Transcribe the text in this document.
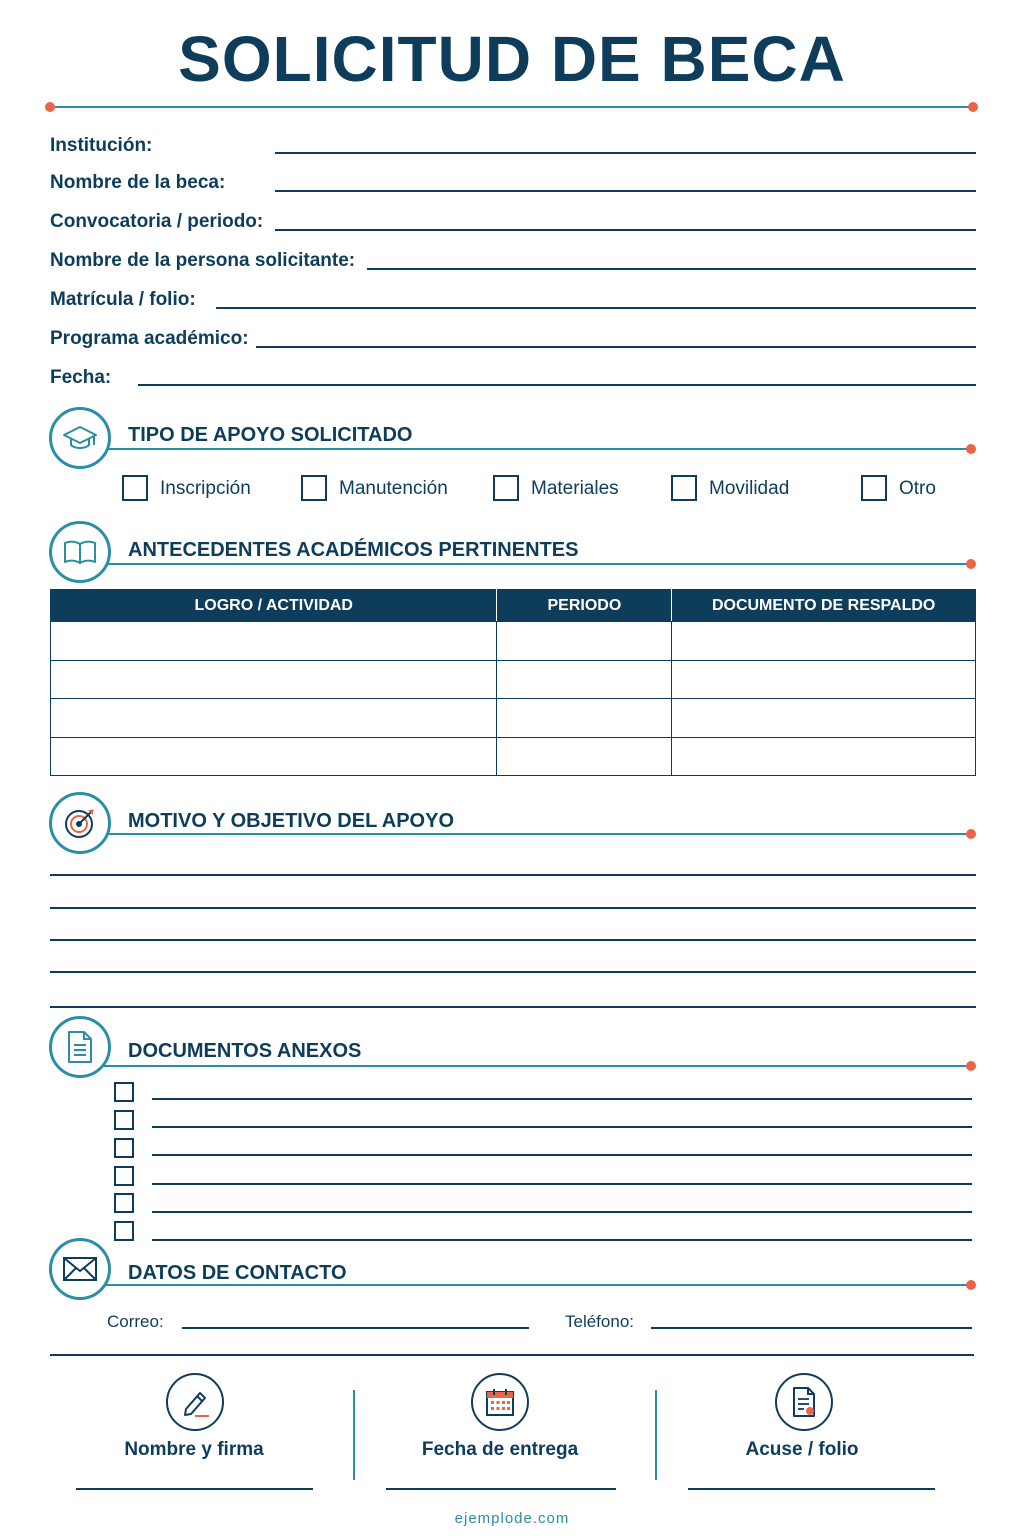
SOLICITUD DE BECA
Institución:
Nombre de la beca:
Convocatoria / periodo:
Nombre de la persona solicitante:
Matrícula / folio:
Programa académico:
Fecha:
TIPO DE APOYO SOLICITADO
Inscripción	Manutención	Materiales	Movilidad	Otro
ANTECEDENTES ACADÉMICOS PERTINENTES
LOGRO / ACTIVIDAD	PERIODO	DOCUMENTO DE RESPALDO

MOTIVO Y OBJETIVO DEL APOYO
DOCUMENTOS ANEXOS
DATOS DE CONTACTO
Correo:	Teléfono:
Nombre y firma	Fecha de entrega	Acuse / folio
ejemplode.com
